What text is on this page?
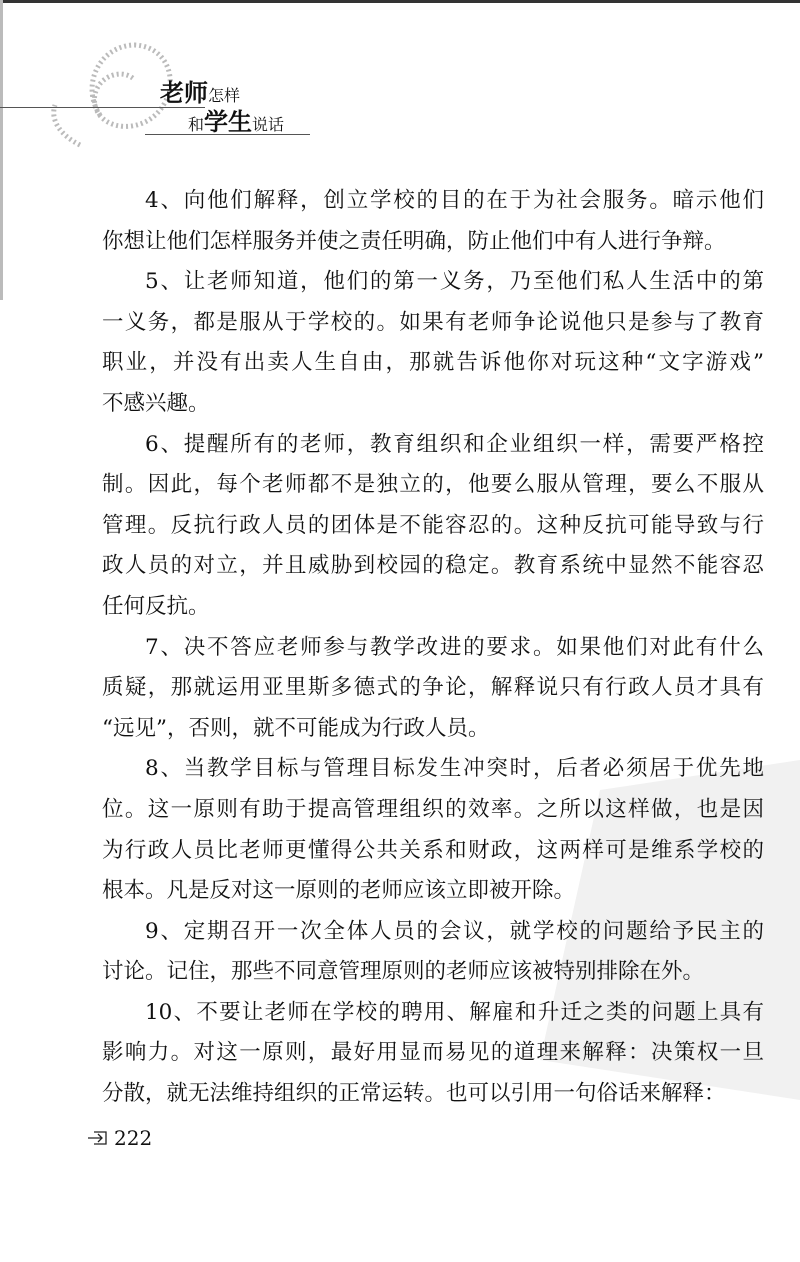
老师怎样
和学生说话
4、向他们解释，创立学校的目的在于为社会服务。暗示他们
你想让他们怎样服务并使之责任明确，防止他们中有人进行争辩。
5、让老师知道，他们的第一义务，乃至他们私人生活中的第
一义务，都是服从于学校的。如果有老师争论说他只是参与了教育
职业，并没有出卖人生自由，那就告诉他你对玩这种“文字游戏”
不感兴趣。
6、提醒所有的老师，教育组织和企业组织一样，需要严格控
制。因此，每个老师都不是独立的，他要么服从管理，要么不服从
管理。反抗行政人员的团体是不能容忍的。这种反抗可能导致与行
政人员的对立，并且威胁到校园的稳定。教育系统中显然不能容忍
任何反抗。
7、决不答应老师参与教学改进的要求。如果他们对此有什么
质疑，那就运用亚里斯多德式的争论，解释说只有行政人员才具有
“远见”，否则，就不可能成为行政人员。
8、当教学目标与管理目标发生冲突时，后者必须居于优先地
位。这一原则有助于提高管理组织的效率。之所以这样做，也是因
为行政人员比老师更懂得公共关系和财政，这两样可是维系学校的
根本。凡是反对这一原则的老师应该立即被开除。
9、定期召开一次全体人员的会议，就学校的问题给予民主的
讨论。记住，那些不同意管理原则的老师应该被特别排除在外。
10、不要让老师在学校的聘用、解雇和升迁之类的问题上具有
影响力。对这一原则，最好用显而易见的道理来解释：决策权一旦
分散，就无法维持组织的正常运转。也可以引用一句俗话来解释：
222
